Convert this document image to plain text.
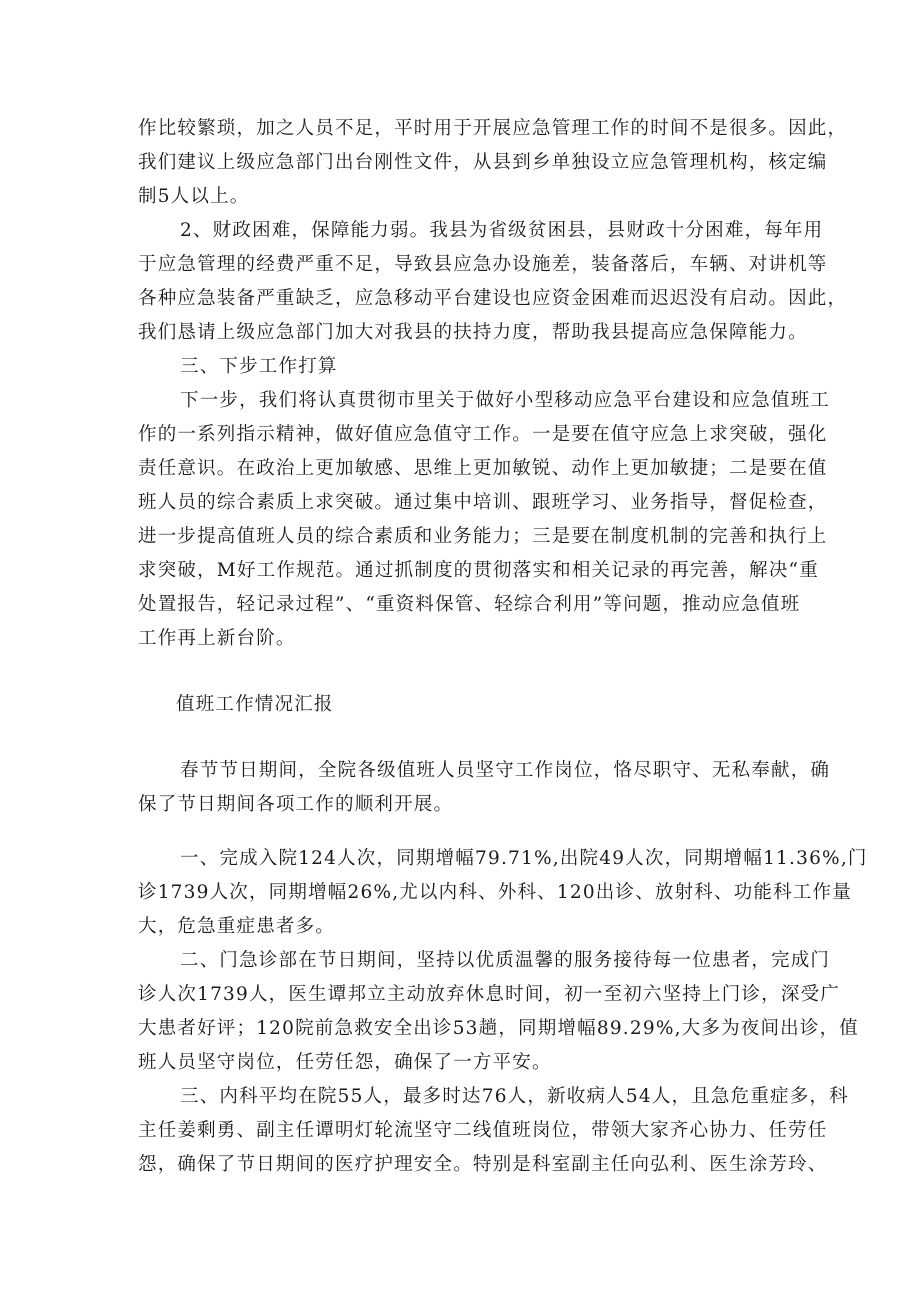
作比较繁琐，加之人员不足，平时用于开展应急管理工作的时间不是很多。因此，
我们建议上级应急部门出台刚性文件，从县到乡单独设立应急管理机构，核定编
制5人以上。
2、财政困难，保障能力弱。我县为省级贫困县，县财政十分困难，每年用
于应急管理的经费严重不足，导致县应急办设施差，装备落后，车辆、对讲机等
各种应急装备严重缺乏，应急移动平台建设也应资金困难而迟迟没有启动。因此，
我们恳请上级应急部门加大对我县的扶持力度，帮助我县提高应急保障能力。
三、下步工作打算
下一步，我们将认真贯彻市里关于做好小型移动应急平台建设和应急值班工
作的一系列指示精神，做好值应急值守工作。一是要在值守应急上求突破，强化
责任意识。在政治上更加敏感、思维上更加敏锐、动作上更加敏捷；二是要在值
班人员的综合素质上求突破。通过集中培训、跟班学习、业务指导，督促检查，
进一步提高值班人员的综合素质和业务能力；三是要在制度机制的完善和执行上
求突破，M好工作规范。通过抓制度的贯彻落实和相关记录的再完善，解决“重
处置报告，轻记录过程”、“重资料保管、轻综合利用”等问题，推动应急值班
工作再上新台阶。
值班工作情况汇报
春节节日期间，全院各级值班人员坚守工作岗位，恪尽职守、无私奉献，确
保了节日期间各项工作的顺利开展。
一、完成入院124人次，同期增幅79.71%,出院49人次，同期增幅11.36%,门
诊1739人次，同期增幅26%,尤以内科、外科、120出诊、放射科、功能科工作量
大，危急重症患者多。
二、门急诊部在节日期间，坚持以优质温馨的服务接待每一位患者，完成门
诊人次1739人，医生谭邦立主动放弃休息时间，初一至初六坚持上门诊，深受广
大患者好评；120院前急救安全出诊53趟，同期增幅89.29%,大多为夜间出诊，值
班人员坚守岗位，任劳任怨，确保了一方平安。
三、内科平均在院55人，最多时达76人，新收病人54人，且急危重症多，科
主任姜剩勇、副主任谭明灯轮流坚守二线值班岗位，带领大家齐心协力、任劳任
怨，确保了节日期间的医疗护理安全。特别是科室副主任向弘利、医生涂芳玲、
